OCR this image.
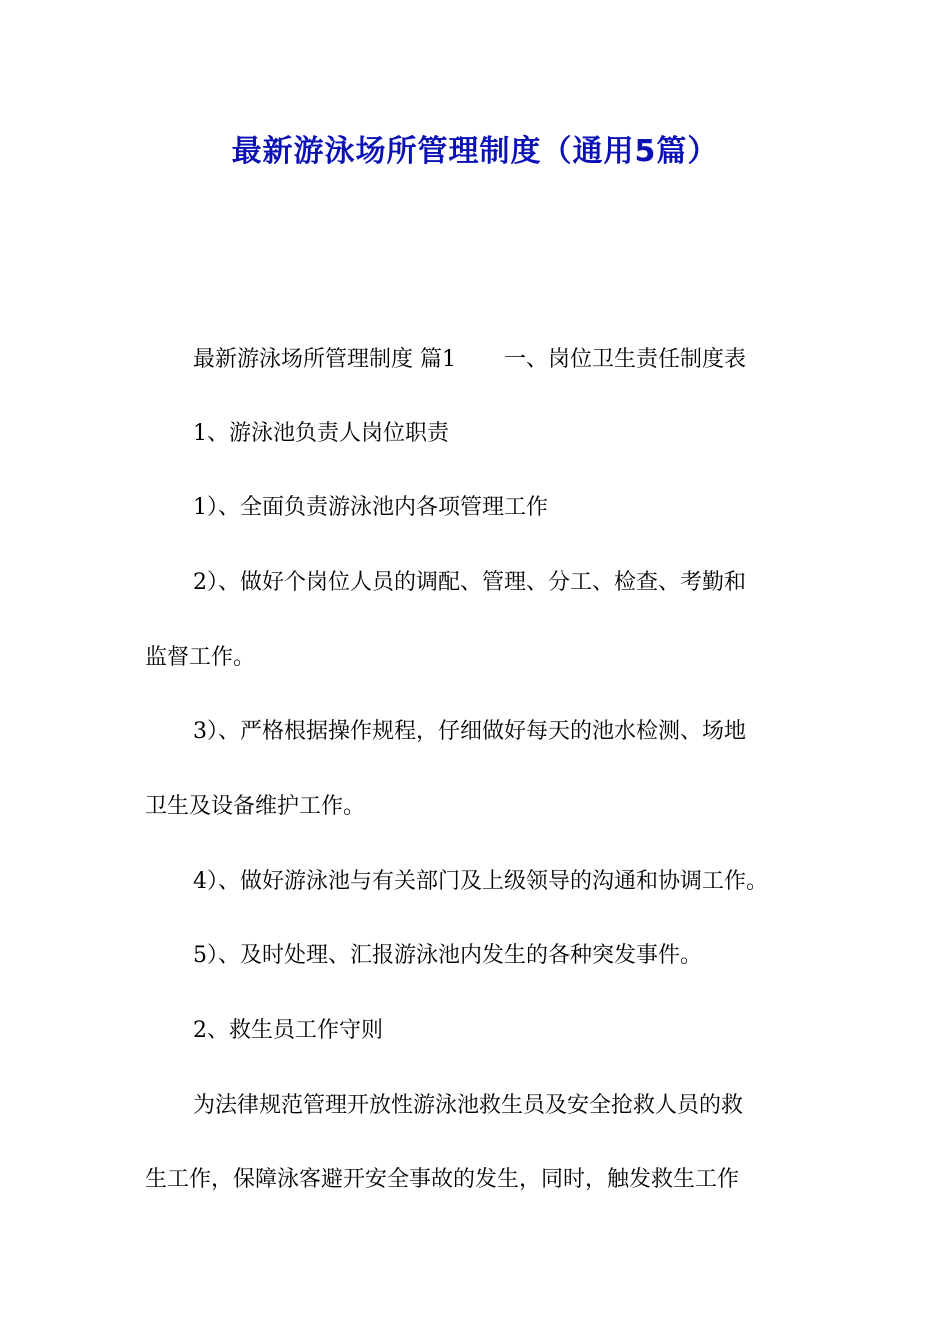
最新游泳场所管理制度（通用5篇）

最新游泳场所管理制度 篇1 一、岗位卫生责任制度表

1、游泳池负责人岗位职责

1）、全面负责游泳池内各项管理工作

2）、做好个岗位人员的调配、管理、分工、检查、考勤和

监督工作。

3）、严格根据操作规程，仔细做好每天的池水检测、场地

卫生及设备维护工作。

4）、做好游泳池与有关部门及上级领导的沟通和协调工作。

5）、及时处理、汇报游泳池内发生的各种突发事件。

2、救生员工作守则

为法律规范管理开放性游泳池救生员及安全抢救人员的救

生工作，保障泳客避开安全事故的发生，同时，触发救生工作
